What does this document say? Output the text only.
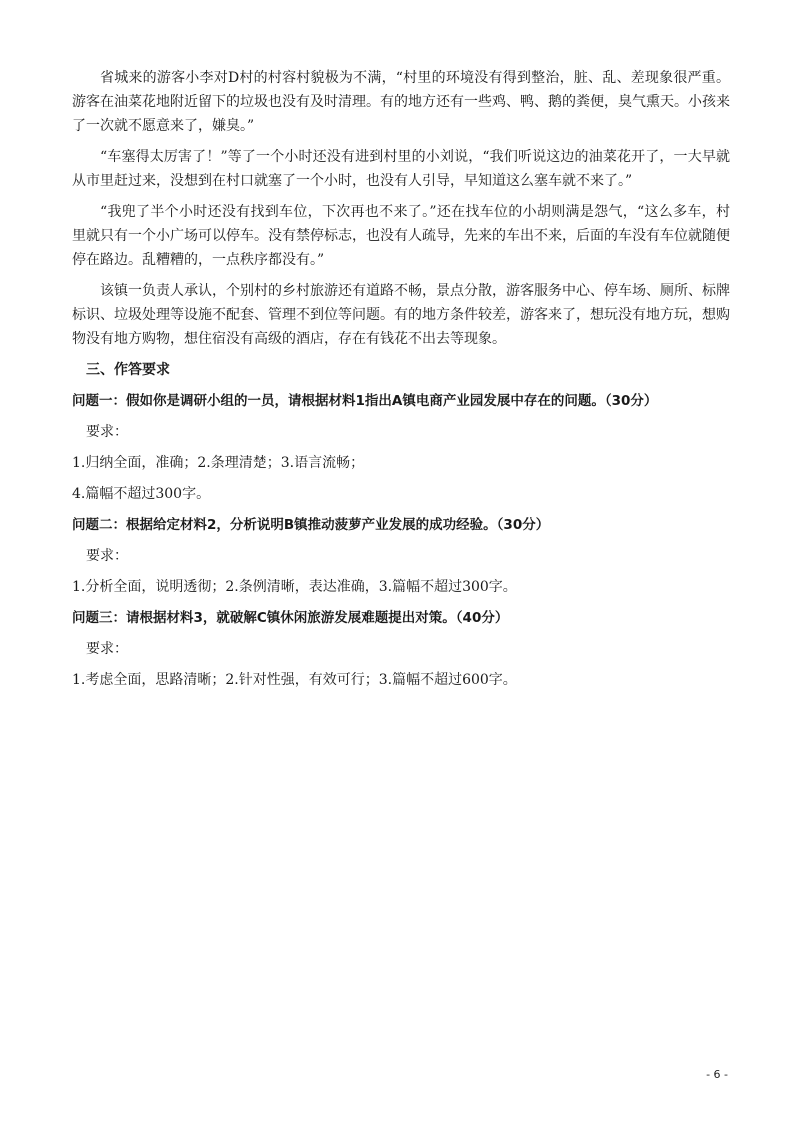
省城来的游客小李对D村的村容村貌极为不满，“村里的环境没有得到整治，脏、乱、差现象很严重。游客在油菜花地附近留下的垃圾也没有及时清理。有的地方还有一些鸡、鸭、鹅的粪便，臭气熏天。小孩来了一次就不愿意来了，嫌臭。”

“车塞得太厉害了！”等了一个小时还没有进到村里的小刘说，“我们听说这边的油菜花开了，一大早就从市里赶过来，没想到在村口就塞了一个小时，也没有人引导，早知道这么塞车就不来了。”

“我兜了半个小时还没有找到车位，下次再也不来了。”还在找车位的小胡则满是怨气，“这么多车，村里就只有一个小广场可以停车。没有禁停标志，也没有人疏导，先来的车出不来，后面的车没有车位就随便停在路边。乱糟糟的，一点秩序都没有。”

该镇一负责人承认，个别村的乡村旅游还有道路不畅，景点分散，游客服务中心、停车场、厕所、标牌标识、垃圾处理等设施不配套、管理不到位等问题。有的地方条件较差，游客来了，想玩没有地方玩，想购物没有地方购物，想住宿没有高级的酒店，存在有钱花不出去等现象。

三、作答要求
问题一：假如你是调研小组的一员，请根据材料1指出A镇电商产业园发展中存在的问题。（30分）
要求：
1.归纳全面，准确；2.条理清楚；3.语言流畅；
4.篇幅不超过300字。
问题二：根据给定材料2，分析说明B镇推动菠萝产业发展的成功经验。（30分）
要求：
1.分析全面，说明透彻；2.条例清晰，表达准确，3.篇幅不超过300字。
问题三：请根据材料3，就破解C镇休闲旅游发展难题提出对策。（40分）
要求：
1.考虑全面，思路清晰；2.针对性强，有效可行；3.篇幅不超过600字。
- 6 -
